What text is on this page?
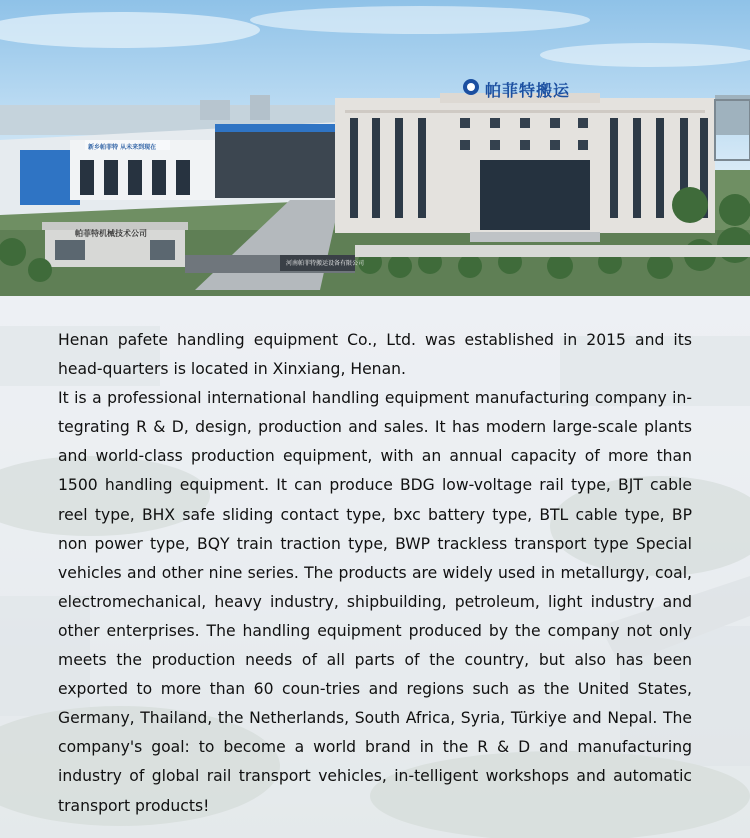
帕菲特搬运
河南帕菲特搬运设备有限公司
帕菲特机械技术公司
新乡帕菲特 从未来到现在

Henan pafete handling equipment Co., Ltd. was established in 2015 and its head-quarters is located in Xinxiang, Henan.

It is a professional international handling equipment manufacturing company in-tegrating R & D, design, production and sales. It has modern large-scale plants and world-class production equipment, with an annual capacity of more than 1500 handling equipment. It can produce BDG low-voltage rail type, BJT cable reel type, BHX safe sliding contact type, bxc battery type, BTL cable type, BP non power type, BQY train traction type, BWP trackless transport type Special vehicles and other nine series. The products are widely used in metallurgy, coal, electromechanical, heavy industry, shipbuilding, petroleum, light industry and other enterprises. The handling equipment produced by the company not only meets the production needs of all parts of the country, but also has been exported to more than 60 coun-tries and regions such as the United States, Germany, Thailand, the Netherlands, South Africa, Syria, Türkiye and Nepal. The company's goal: to become a world brand in the R & D and manufacturing industry of global rail transport vehicles, in-telligent workshops and automatic transport products!
